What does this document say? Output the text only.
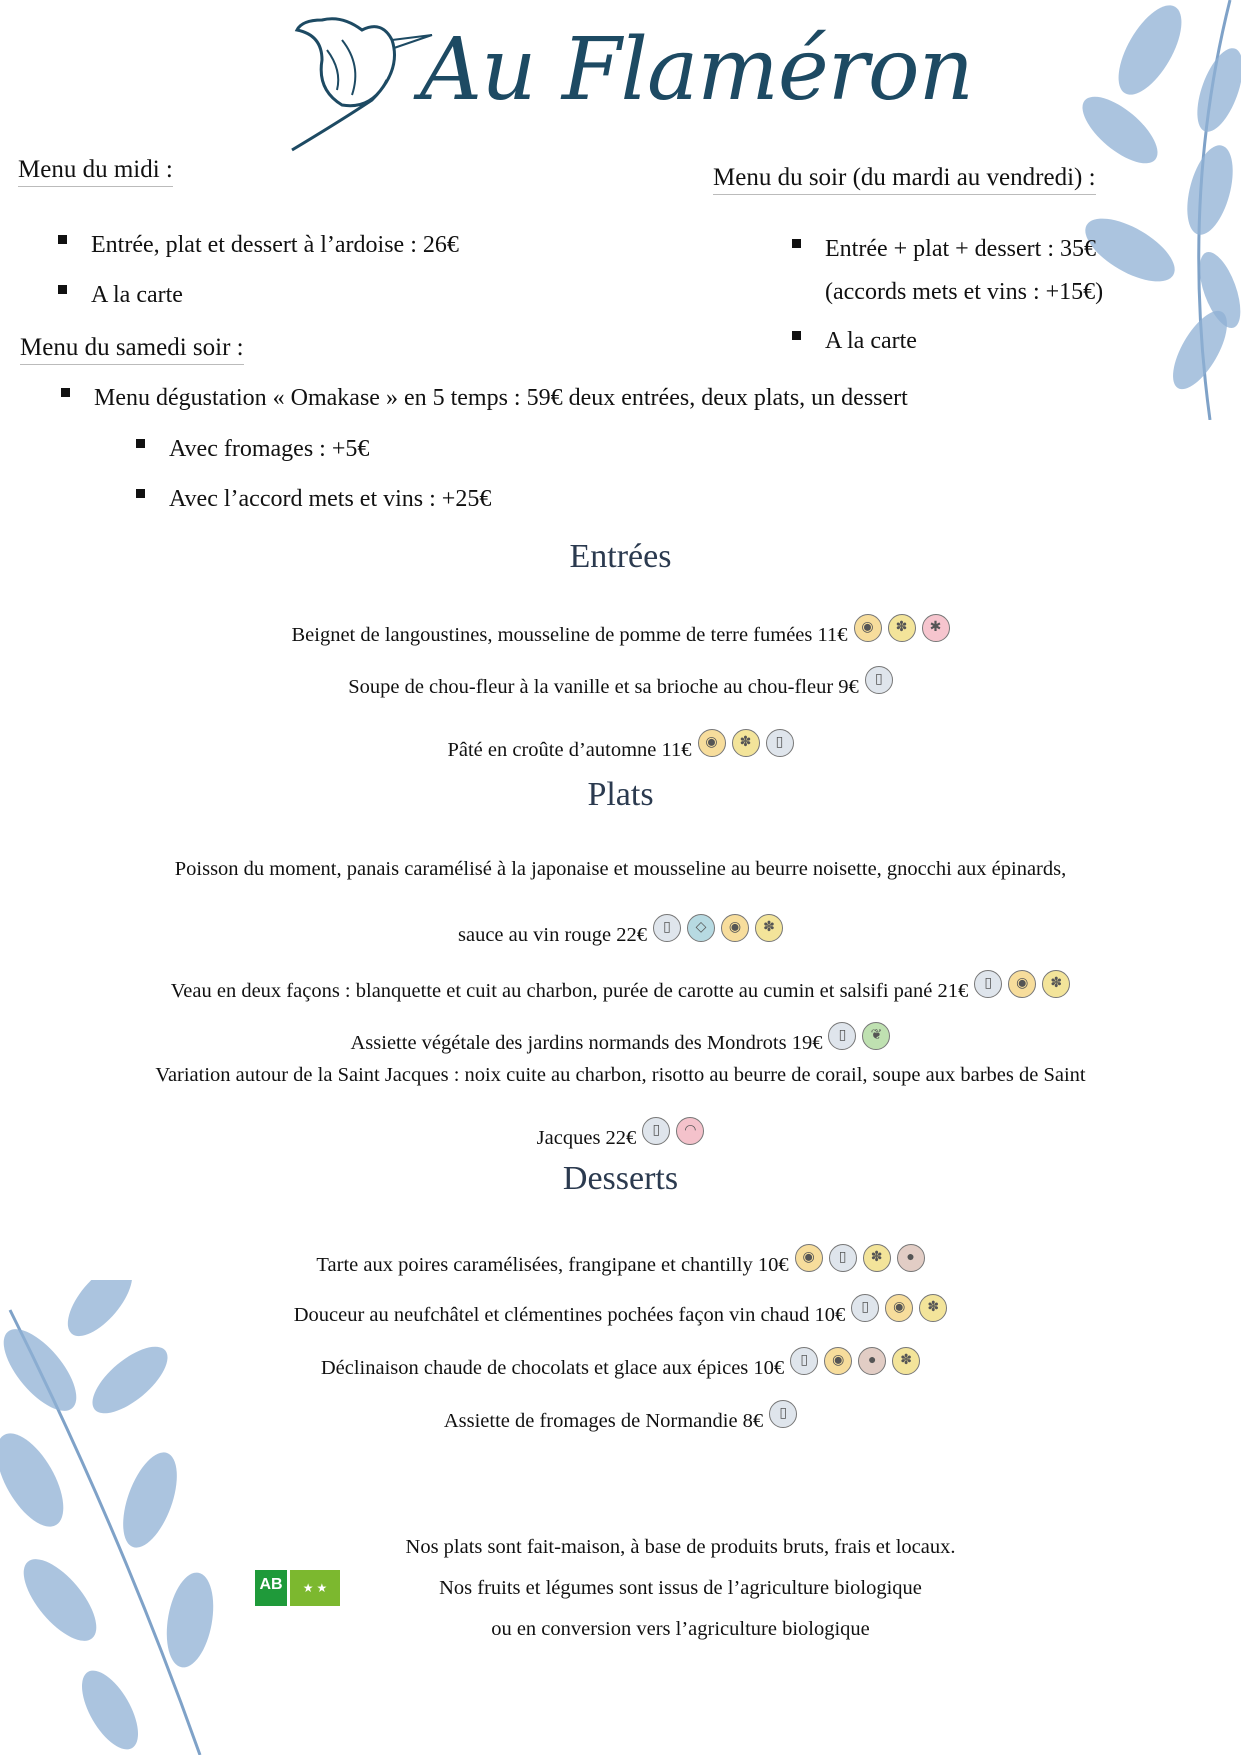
Au Flaméron
Menu du midi :
Entrée, plat et dessert à l’ardoise : 26€
A la carte
Menu du soir (du mardi au vendredi) :
Entrée + plat + dessert : 35€
(accords mets et vins : +15€)
A la carte
Menu du samedi soir :
Menu dégustation « Omakase » en 5 temps : 59€ deux entrées, deux plats, un dessert
Avec fromages : +5€
Avec l’accord mets et vins : +25€
Entrées
Plats
Desserts
Beignet de langoustines, mousseline de pomme de terre fumées 11€ ◉ ✽ ✱
Soupe de chou-fleur à la vanille et sa brioche au chou-fleur 9€ ▯
Pâté en croûte d’automne 11€ ◉ ✽ ▯
Poisson du moment, panais caramélisé à la japonaise et mousseline au beurre noisette, gnocchi aux épinards,
sauce au vin rouge 22€ ▯ ◇ ◉ ✽
Veau en deux façons : blanquette et cuit au charbon, purée de carotte au cumin et salsifi pané 21€ ▯ ◉ ✽
Assiette végétale des jardins normands des Mondrots 19€ ▯ ❦
Variation autour de la Saint Jacques : noix cuite au charbon, risotto au beurre de corail, soupe aux barbes de Saint
Jacques 22€ ▯ ◠
Tarte aux poires caramélisées, frangipane et chantilly 10€ ◉ ▯ ✽ ●
Douceur au neufchâtel et clémentines pochées façon vin chaud 10€ ▯ ◉ ✽
Déclinaison chaude de chocolats et glace aux épices 10€ ▯ ◉ ● ✽
Assiette de fromages de Normandie 8€ ▯
Nos plats sont fait-maison, à base de produits bruts, frais et locaux.
Nos fruits et légumes sont issus de l’agriculture biologique
ou en conversion vers l’agriculture biologique
AB	★ ★
